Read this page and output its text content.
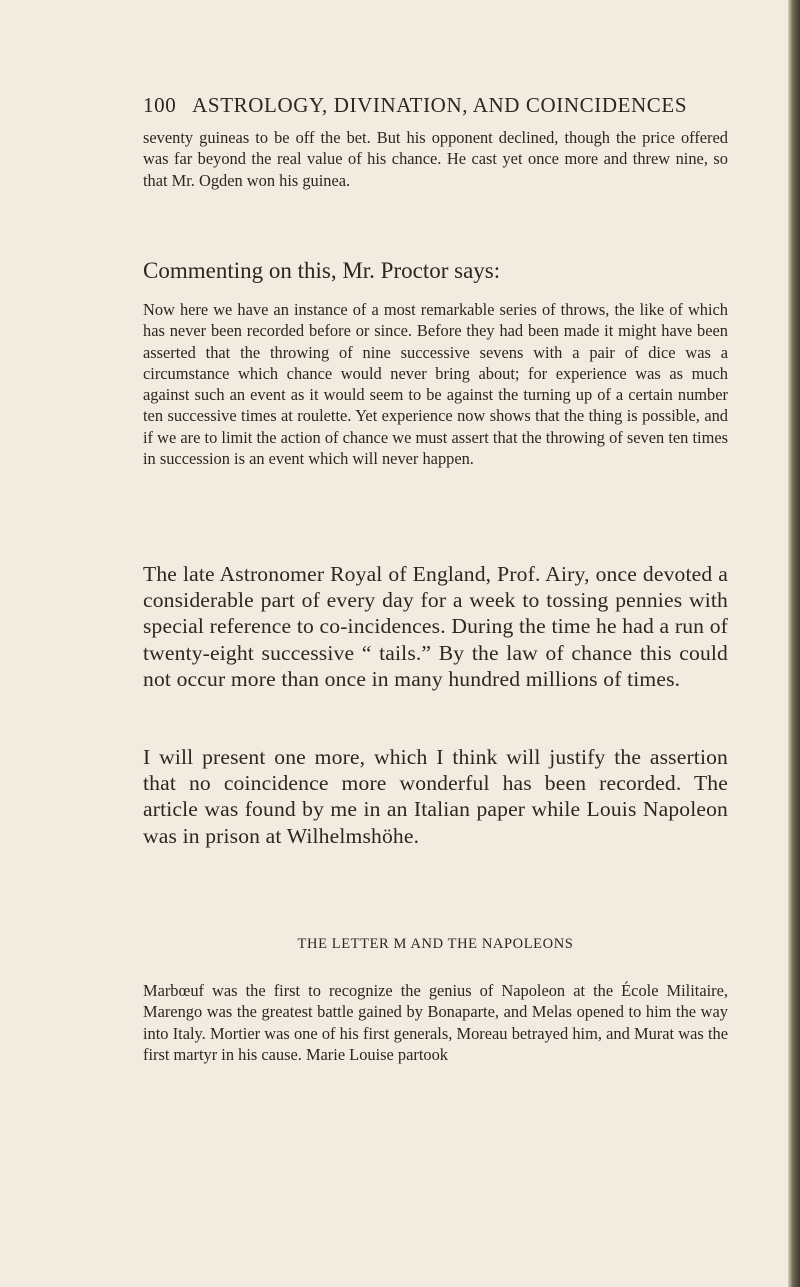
100 ASTROLOGY, DIVINATION, AND COINCIDENCES

seventy guineas to be off the bet. But his opponent declined, though the price offered was far beyond the real value of his chance. He cast yet once more and threw nine, so that Mr. Ogden won his guinea.

Commenting on this, Mr. Proctor says:

Now here we have an instance of a most remarkable series of throws, the like of which has never been recorded before or since. Before they had been made it might have been asserted that the throwing of nine successive sevens with a pair of dice was a circumstance which chance would never bring about; for experience was as much against such an event as it would seem to be against the turning up of a certain number ten successive times at roulette. Yet experience now shows that the thing is possible, and if we are to limit the action of chance we must assert that the throwing of seven ten times in succession is an event which will never happen.

The late Astronomer Royal of England, Prof. Airy, once devoted a considerable part of every day for a week to tossing pennies with special reference to co-incidences. During the time he had a run of twenty-eight successive “ tails.” By the law of chance this could not occur more than once in many hundred millions of times.

I will present one more, which I think will justify the assertion that no coincidence more wonderful has been recorded. The article was found by me in an Italian paper while Louis Napoleon was in prison at Wilhelmshöhe.

THE LETTER M AND THE NAPOLEONS

Marbœuf was the first to recognize the genius of Napoleon at the École Militaire, Marengo was the greatest battle gained by Bonaparte, and Melas opened to him the way into Italy. Mortier was one of his first generals, Moreau betrayed him, and Murat was the first martyr in his cause. Marie Louise partook
